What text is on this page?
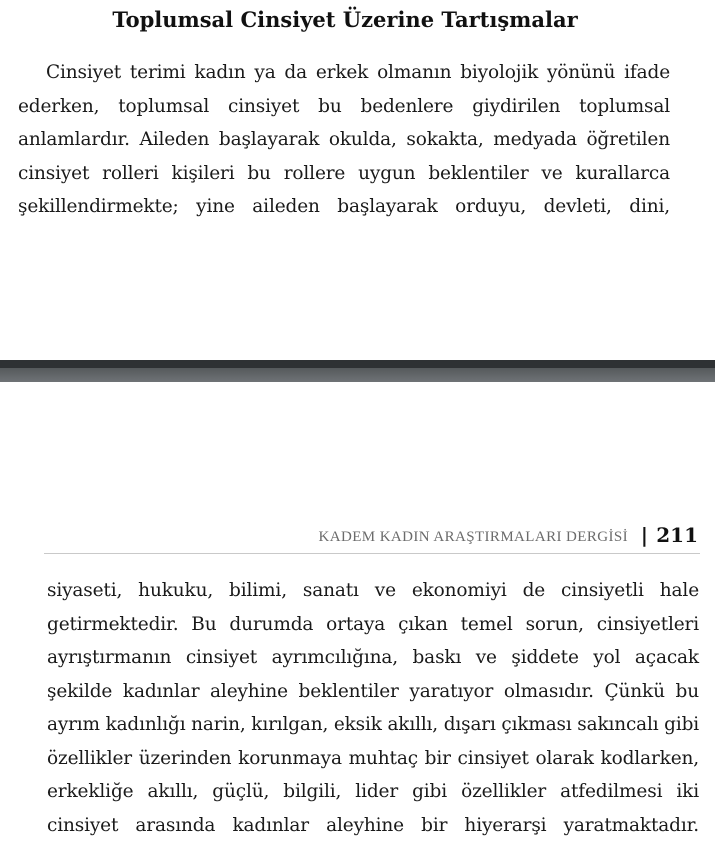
Toplumsal Cinsiyet Üzerine Tartışmalar

Cinsiyet terimi kadın ya da erkek olmanın biyolojik yönünü ifade
ederken, toplumsal cinsiyet bu bedenlere giydirilen toplumsal
anlamlardır. Aileden başlayarak okulda, sokakta, medyada öğretilen
cinsiyet rolleri kişileri bu rollere uygun beklentiler ve kurallarca
şekillendirmekte; yine aileden başlayarak orduyu, devleti, dini,

KADEM KADIN ARAŞTIRMALARI DERGİSİ | 211

siyaseti, hukuku, bilimi, sanatı ve ekonomiyi de cinsiyetli hale
getirmektedir. Bu durumda ortaya çıkan temel sorun, cinsiyetleri
ayrıştırmanın cinsiyet ayrımcılığına, baskı ve şiddete yol açacak
şekilde kadınlar aleyhine beklentiler yaratıyor olmasıdır. Çünkü bu
ayrım kadınlığı narin, kırılgan, eksik akıllı, dışarı çıkması sakıncalı gibi
özellikler üzerinden korunmaya muhtaç bir cinsiyet olarak kodlarken,
erkekliğe akıllı, güçlü, bilgili, lider gibi özellikler atfedilmesi iki
cinsiyet arasında kadınlar aleyhine bir hiyerarşi yaratmaktadır.
